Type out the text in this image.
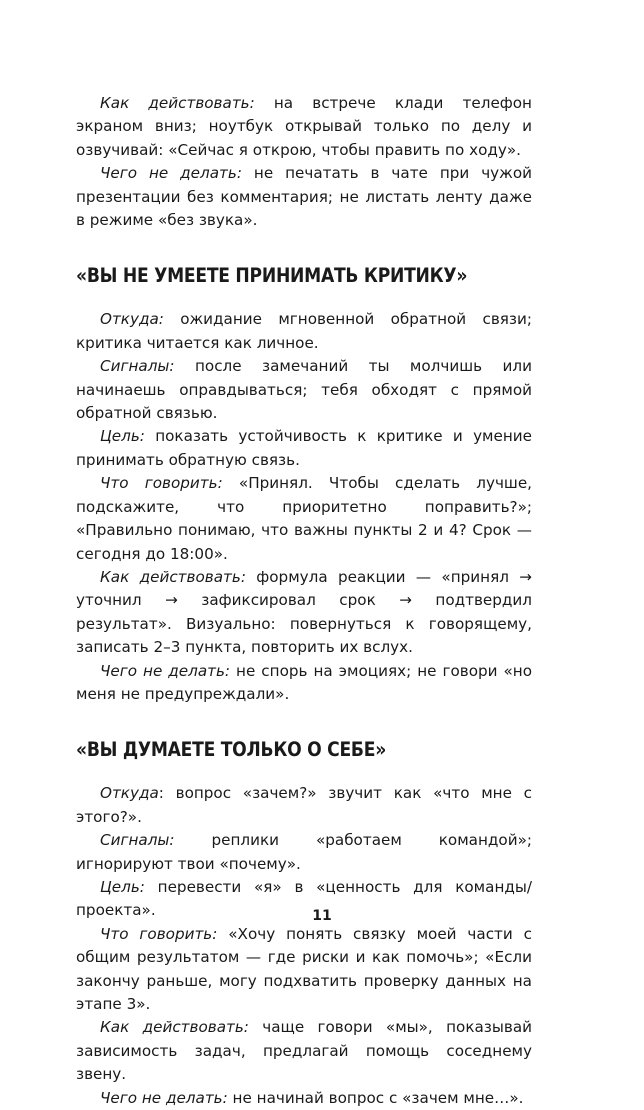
Как действовать: на встрече клади телефон экраном вниз; ноутбук открывай только по делу и озвучивай: «Сейчас я открою, чтобы править по ходу».

Чего не делать: не печатать в чате при чужой презентации без комментария; не листать ленту даже в режиме «без звука».

«ВЫ НЕ УМЕЕТЕ ПРИНИМАТЬ КРИТИКУ»

Откуда: ожидание мгновенной обратной связи; критика читается как личное.

Сигналы: после замечаний ты молчишь или начинаешь оправдываться; тебя обходят с прямой обратной связью.

Цель: показать устойчивость к критике и умение принимать обратную связь.

Что говорить: «Принял. Чтобы сделать лучше, подскажите, что приоритетно поправить?»; «Правильно понимаю, что важны пункты 2 и 4? Срок — сегодня до 18:00».

Как действовать: формула реакции — «принял → уточнил → зафиксировал срок → подтвердил результат». Визуально: повернуться к говорящему, записать 2–3 пункта, повторить их вслух.

Чего не делать: не спорь на эмоциях; не говори «но меня не предупреждали».

«ВЫ ДУМАЕТЕ ТОЛЬКО О СЕБЕ»

Откуда: вопрос «зачем?» звучит как «что мне с этого?».

Сигналы: реплики «работаем командой»; игнорируют твои «почему».

Цель: перевести «я» в «ценность для команды/проекта».

Что говорить: «Хочу понять связку моей части с общим результатом — где риски и как помочь»; «Если закончу раньше, могу подхватить проверку данных на этапе 3».

Как действовать: чаще говори «мы», показывай зависимость задач, предлагай помощь соседнему звену.

Чего не делать: не начинай вопрос с «зачем мне…».

11
